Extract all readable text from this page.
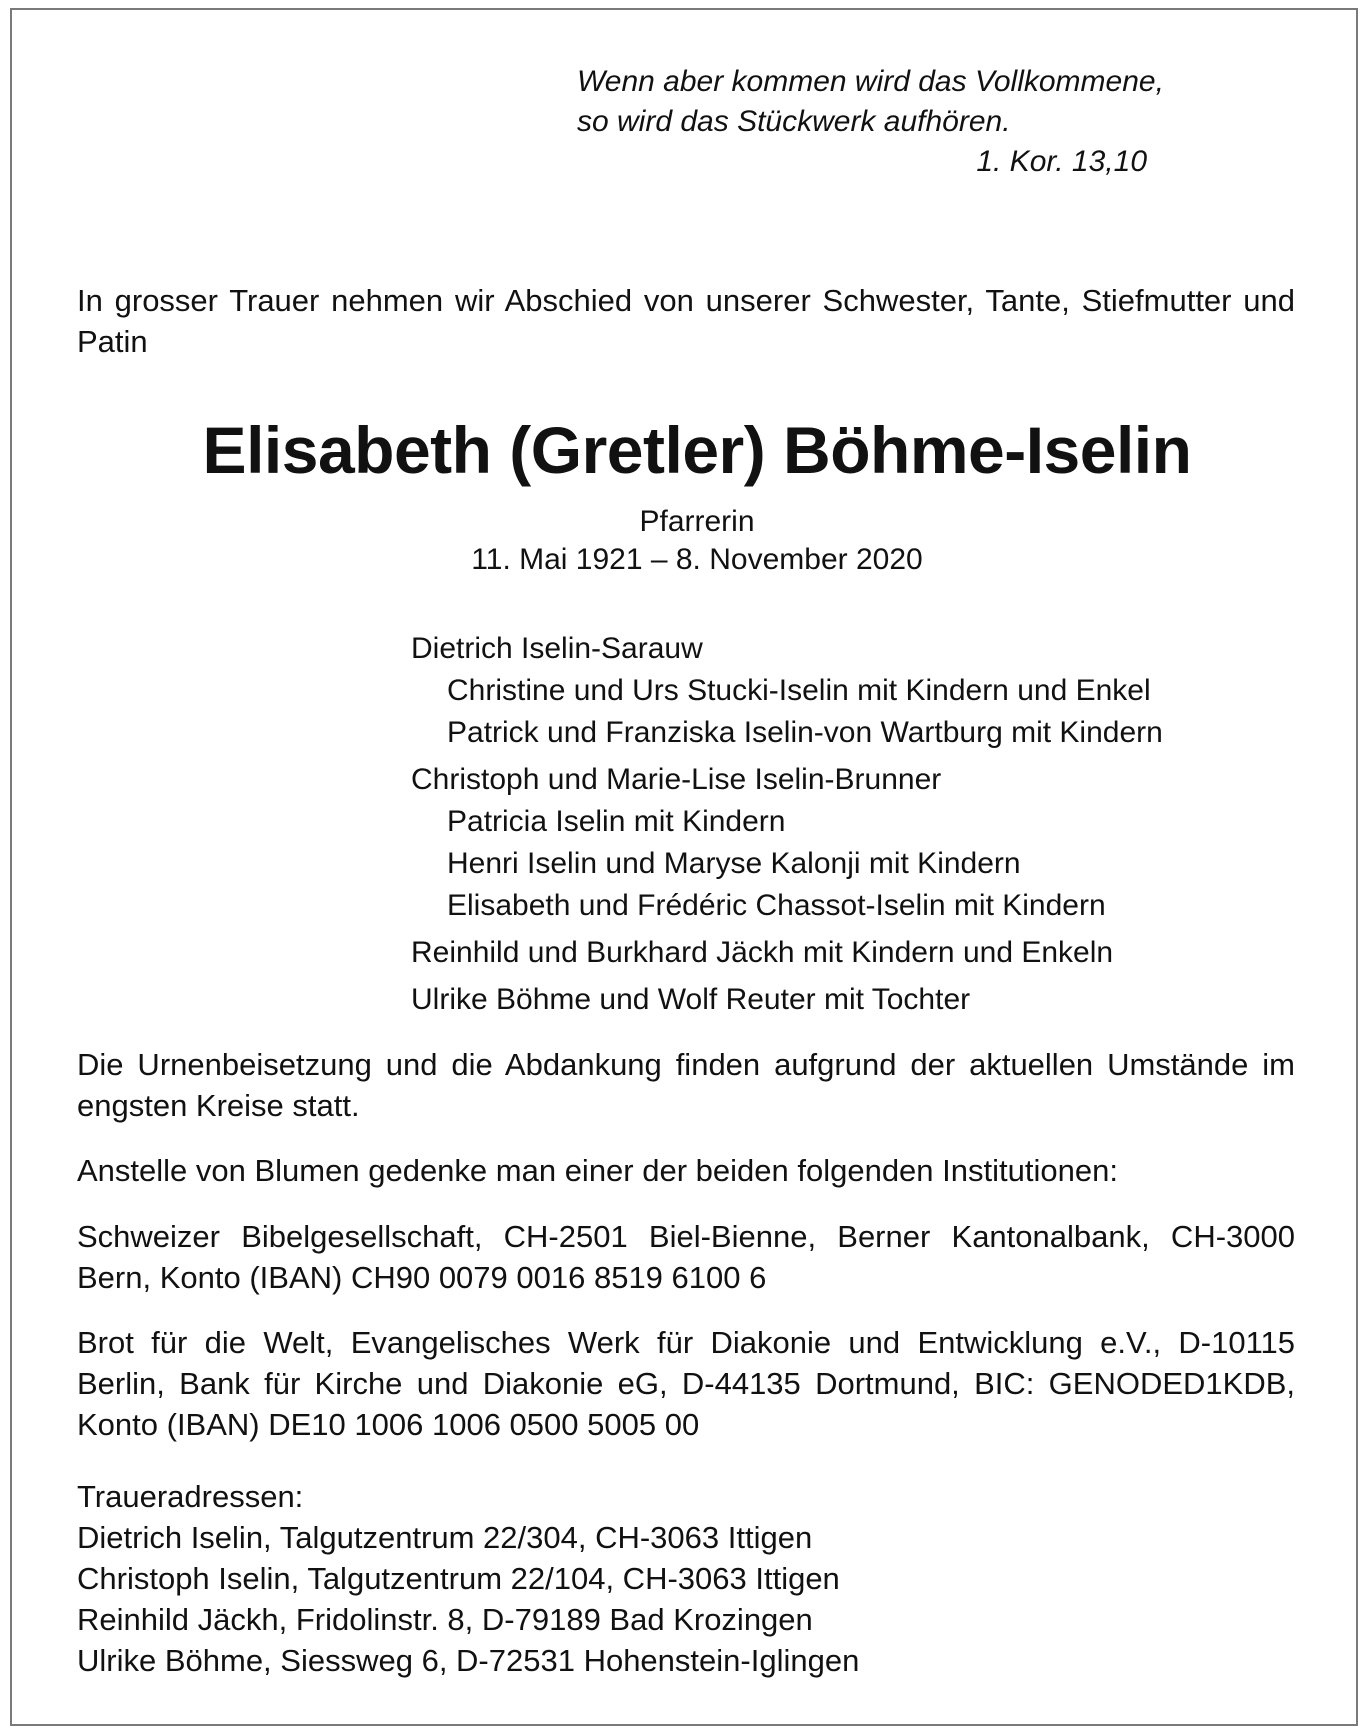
Wenn aber kommen wird das Vollkommene,
so wird das Stückwerk aufhören.
1. Kor. 13,10
In grosser Trauer nehmen wir Abschied von unserer Schwester, Tante, Stiefmutter und Patin
Elisabeth (Gretler) Böhme-Iselin
Pfarrerin
11. Mai 1921 – 8. November 2020
Dietrich Iselin-Sarauw
Christine und Urs Stucki-Iselin mit Kindern und Enkel
Patrick und Franziska Iselin-von Wartburg mit Kindern
Christoph und Marie-Lise Iselin-Brunner
Patricia Iselin mit Kindern
Henri Iselin und Maryse Kalonji mit Kindern
Elisabeth und Frédéric Chassot-Iselin mit Kindern
Reinhild und Burkhard Jäckh mit Kindern und Enkeln
Ulrike Böhme und Wolf Reuter mit Tochter
Die Urnenbeisetzung und die Abdankung finden aufgrund der aktuellen Umstände im engsten Kreise statt.
Anstelle von Blumen gedenke man einer der beiden folgenden Institutionen:
Schweizer Bibelgesellschaft, CH-2501 Biel-Bienne, Berner Kantonalbank, CH-3000 Bern, Konto (IBAN) CH90 0079 0016 8519 6100 6
Brot für die Welt, Evangelisches Werk für Diakonie und Entwicklung e.V., D-10115 Berlin, Bank für Kirche und Diakonie eG, D-44135 Dortmund, BIC: GENODED1KDB, Konto (IBAN) DE10 1006 1006 0500 5005 00
Traueradressen:
Dietrich Iselin, Talgutzentrum 22/304, CH-3063 Ittigen
Christoph Iselin, Talgutzentrum 22/104, CH-3063 Ittigen
Reinhild Jäckh, Fridolinstr. 8, D-79189 Bad Krozingen
Ulrike Böhme, Siessweg 6, D-72531 Hohenstein-Iglingen
